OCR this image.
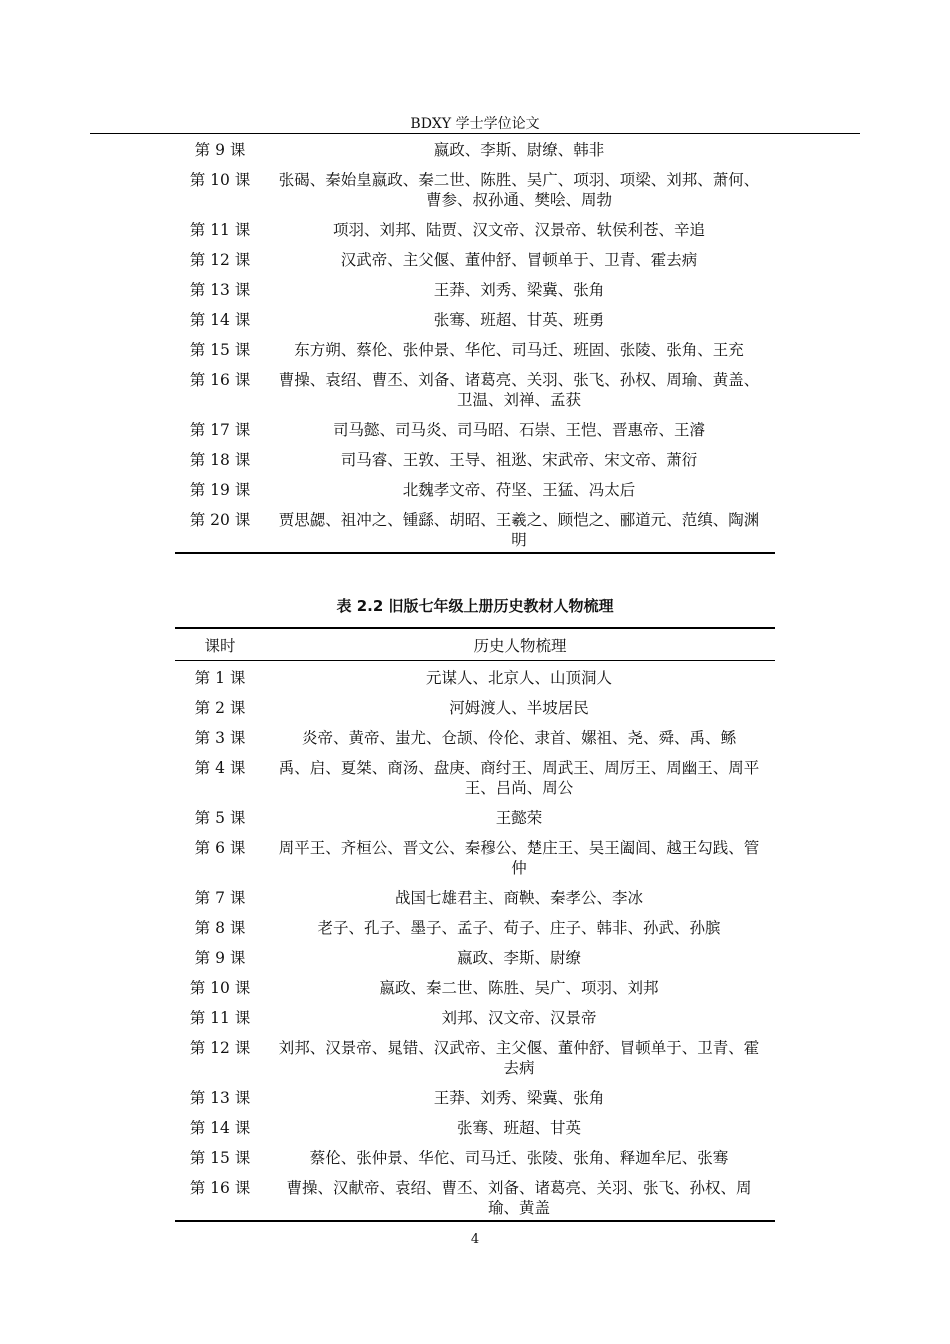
BDXY 学士学位论文
第 9 课	嬴政、李斯、尉缭、韩非
第 10 课	张碣、秦始皇嬴政、秦二世、陈胜、吴广、项羽、项梁、刘邦、萧何、曹参、叔孙通、樊哙、周勃
第 11 课	项羽、刘邦、陆贾、汉文帝、汉景帝、轪侯利苍、辛追
第 12 课	汉武帝、主父偃、董仲舒、冒顿单于、卫青、霍去病
第 13 课	王莽、刘秀、梁冀、张角
第 14 课	张骞、班超、甘英、班勇
第 15 课	东方朔、蔡伦、张仲景、华佗、司马迁、班固、张陵、张角、王充
第 16 课	曹操、袁绍、曹丕、刘备、诸葛亮、关羽、张飞、孙权、周瑜、黄盖、卫温、刘禅、孟获
第 17 课	司马懿、司马炎、司马昭、石崇、王恺、晋惠帝、王濬
第 18 课	司马睿、王敦、王导、祖逖、宋武帝、宋文帝、萧衍
第 19 课	北魏孝文帝、苻坚、王猛、冯太后
第 20 课	贾思勰、祖冲之、锺繇、胡昭、王羲之、顾恺之、郦道元、范缜、陶渊明
表 2.2 旧版七年级上册历史教材人物梳理
课时	历史人物梳理
第 1 课	元谋人、北京人、山顶洞人
第 2 课	河姆渡人、半坡居民
第 3 课	炎帝、黄帝、蚩尤、仓颉、伶伦、隶首、嫘祖、尧、舜、禹、鲧
第 4 课	禹、启、夏桀、商汤、盘庚、商纣王、周武王、周厉王、周幽王、周平王、吕尚、周公
第 5 课	王懿荣
第 6 课	周平王、齐桓公、晋文公、秦穆公、楚庄王、吴王阖闾、越王勾践、管仲
第 7 课	战国七雄君主、商鞅、秦孝公、李冰
第 8 课	老子、孔子、墨子、孟子、荀子、庄子、韩非、孙武、孙膑
第 9 课	嬴政、李斯、尉缭
第 10 课	嬴政、秦二世、陈胜、吴广、项羽、刘邦
第 11 课	刘邦、汉文帝、汉景帝
第 12 课	刘邦、汉景帝、晁错、汉武帝、主父偃、董仲舒、冒顿单于、卫青、霍去病
第 13 课	王莽、刘秀、梁冀、张角
第 14 课	张骞、班超、甘英
第 15 课	蔡伦、张仲景、华佗、司马迁、张陵、张角、释迦牟尼、张骞
第 16 课	曹操、汉献帝、袁绍、曹丕、刘备、诸葛亮、关羽、张飞、孙权、周瑜、黄盖
4
